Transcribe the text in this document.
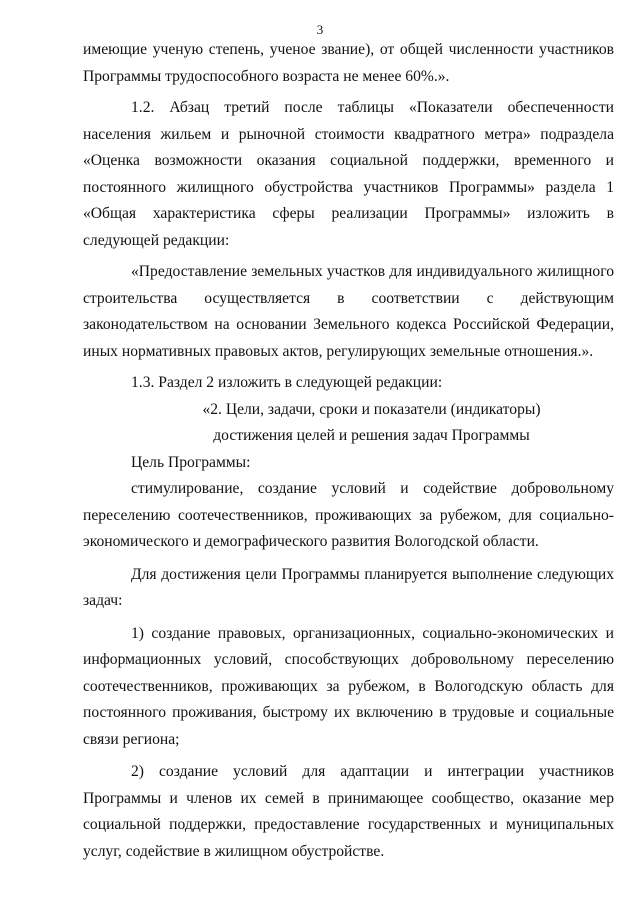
3

имеющие ученую степень, ученое звание), от общей численности участников Программы трудоспособного возраста не менее 60%.».

1.2. Абзац третий после таблицы «Показатели обеспеченности населения жильем и рыночной стоимости квадратного метра» подраздела «Оценка возможности оказания социальной поддержки, временного и постоянного жилищного обустройства участников Программы» раздела 1 «Общая характеристика сферы реализации Программы» изложить в следующей редакции:

«Предоставление земельных участков для индивидуального жилищного строительства осуществляется в соответствии с действующим законодательством на основании Земельного кодекса Российской Федерации, иных нормативных правовых актов, регулирующих земельные отношения.».

1.3. Раздел 2 изложить в следующей редакции:

«2. Цели, задачи, сроки и показатели (индикаторы)

достижения целей и решения задач Программы

Цель Программы:

стимулирование, создание условий и содействие добровольному переселению соотечественников, проживающих за рубежом, для социально-экономического и демографического развития Вологодской области.

Для достижения цели Программы планируется выполнение следующих задач:

1) создание правовых, организационных, социально-экономических и информационных условий, способствующих добровольному переселению соотечественников, проживающих за рубежом, в Вологодскую область для постоянного проживания, быстрому их включению в трудовые и социальные связи региона;

2) создание условий для адаптации и интеграции участников Программы и членов их семей в принимающее сообщество, оказание мер социальной поддержки, предоставление государственных и муниципальных услуг, содействие в жилищном обустройстве.
